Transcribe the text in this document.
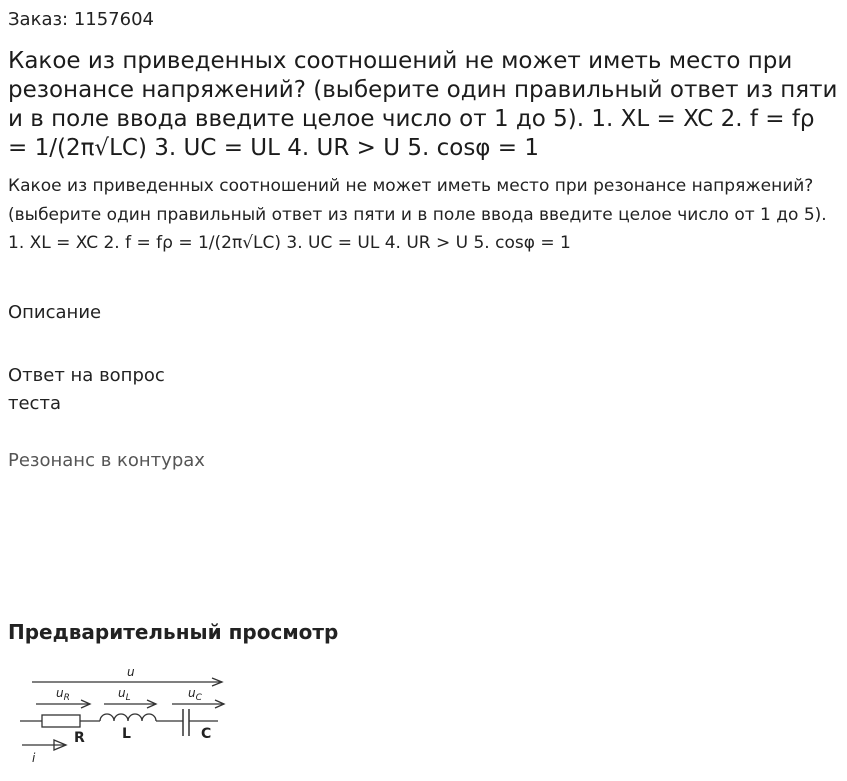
Заказ: 1157604
Какое из приведенных соотношений не может иметь место при резонансе напряжений? (выберите один правильный ответ из пяти и в поле ввода введите целое число от 1 до 5). 1. XL = XC 2. f = fρ = 1/(2π√LC) 3. UC = UL 4. UR > U 5. cosφ = 1

Какое из приведенных соотношений не может иметь место при резонансе напряжений? (выберите один правильный ответ из пяти и в поле ввода введите целое число от 1 до 5). 1. XL = XC 2. f = fρ = 1/(2π√LC) 3. UC = UL 4. UR > U 5. cosφ = 1

Описание
Ответ на вопрос теста
Резонанс в контурах
Предварительный просмотр
u
$u_R$	$u_L$	$u_C$
R	L	C
i
